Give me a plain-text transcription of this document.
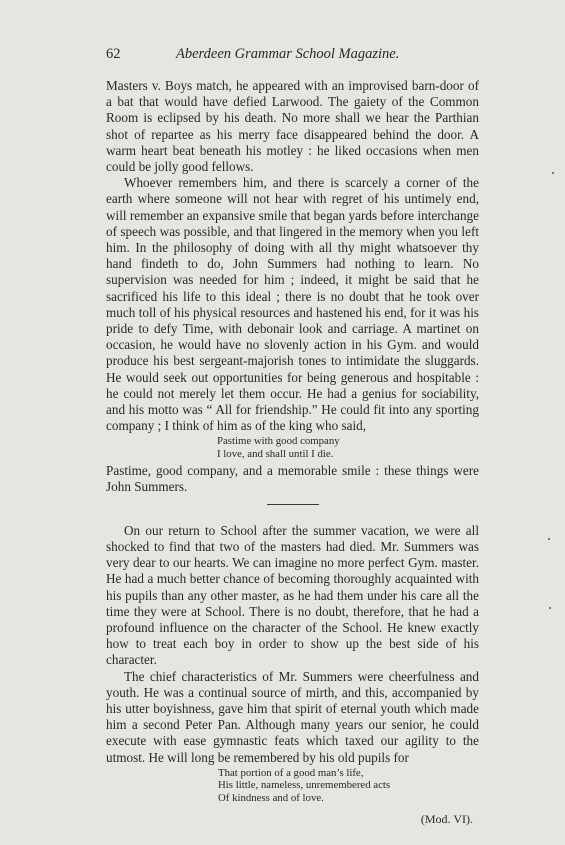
62	Aberdeen Grammar School Magazine.

Masters v. Boys match, he appeared with an improvised barn-door of a bat that would have defied Larwood. The gaiety of the Common Room is eclipsed by his death. No more shall we hear the Parthian shot of repartee as his merry face disappeared behind the door. A warm heart beat beneath his motley : he liked occasions when men could be jolly good fellows.

Whoever remembers him, and there is scarcely a corner of the earth where someone will not hear with regret of his untimely end, will remember an expansive smile that began yards before interchange of speech was possible, and that lingered in the memory when you left him. In the philosophy of doing with all thy might whatsoever thy hand findeth to do, John Summers had nothing to learn. No supervision was needed for him ; indeed, it might be said that he sacrificed his life to this ideal ; there is no doubt that he took over much toll of his physical resources and hastened his end, for it was his pride to defy Time, with debonair look and carriage. A martinet on occasion, he would have no slovenly action in his Gym. and would produce his best sergeant-majorish tones to intimidate the sluggards. He would seek out opportunities for being generous and hospitable : he could not merely let them occur. He had a genius for sociability, and his motto was “ All for friendship.” He could fit into any sporting company ; I think of him as of the king who said,

Pastime with good company
I love, and shall until I die.

Pastime, good company, and a memorable smile : these things were John Summers.

On our return to School after the summer vacation, we were all shocked to find that two of the masters had died. Mr. Summers was very dear to our hearts. We can imagine no more perfect Gym. master. He had a much better chance of becoming thoroughly acquainted with his pupils than any other master, as he had them under his care all the time they were at School. There is no doubt, therefore, that he had a profound influence on the character of the School. He knew exactly how to treat each boy in order to show up the best side of his character.

The chief characteristics of Mr. Summers were cheerfulness and youth. He was a continual source of mirth, and this, accompanied by his utter boyishness, gave him that spirit of eternal youth which made him a second Peter Pan. Although many years our senior, he could execute with ease gymnastic feats which taxed our agility to the utmost. He will long be remembered by his old pupils for

That portion of a good man’s life,
His little, nameless, unremembered acts
Of kindness and of love.
(Mod. VI).
